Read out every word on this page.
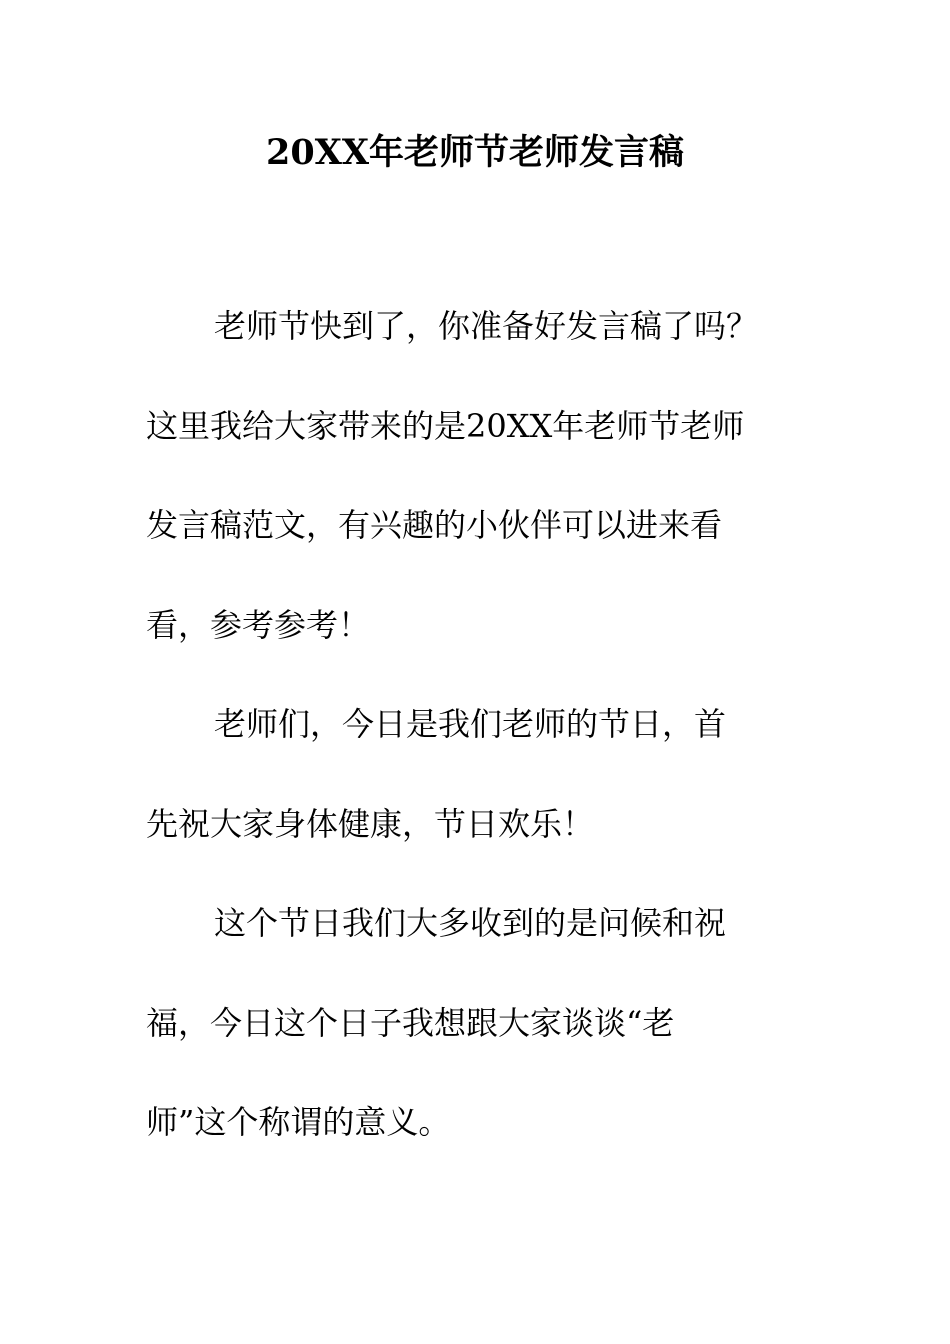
20XX年老师节老师发言稿
老师节快到了，你准备好发言稿了吗？
这里我给大家带来的是20XX年老师节老师
发言稿范文，有兴趣的小伙伴可以进来看
看，参考参考！
老师们，今日是我们老师的节日，首
先祝大家身体健康，节日欢乐！
这个节日我们大多收到的是问候和祝
福，今日这个日子我想跟大家谈谈“老
师”这个称谓的意义。
